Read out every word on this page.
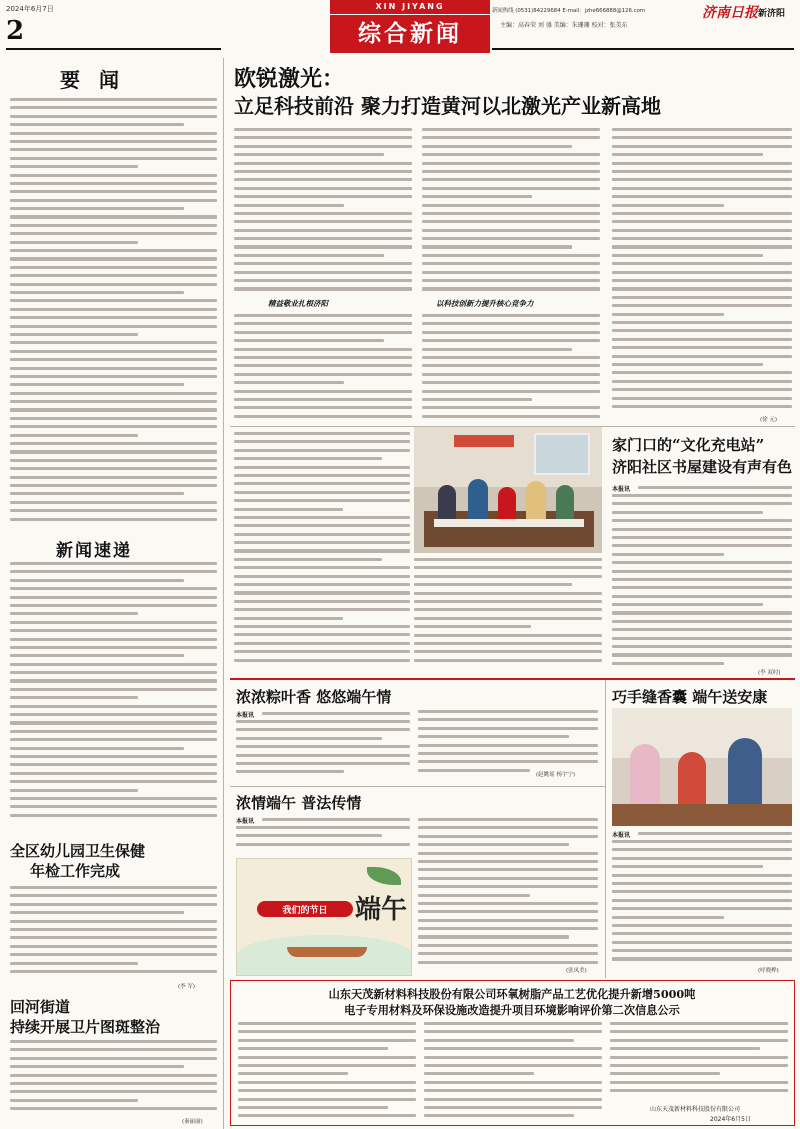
2024年6月7日
2
XIN JIYANG
综合新闻
新闻热线 (0531)84229684 E-mail：jzhe666888@126.com
主编：高春荣 刘 盛 美编：朱珊珊 校对：张美东
济南日报 新济阳
要 闻
新闻速递
全区幼儿园卫生保健
年检工作完成
(李 军)
回河街道
持续开展卫片图斑整治
(秦丽丽)
欧锐激光：
立足科技前沿 聚力打造黄河以北激光产业新高地
精益敬业扎根济阳	以科技创新力提升核心竞争力
(徐 元)
家门口的“文化充电站”
济阳社区书屋建设有声有色
本报讯
(李 双吋)
浓浓粽叶香 悠悠端午情
本报讯
(赵眺瑶 杨宇宁)
浓情端午 普法传情
本报讯
(张凤美)
我们的节日	端午
巧手缝香囊 端午送安康
本报讯
(呼晓桦)
山东天茂新材料科技股份有限公司环氧树脂产品工艺优化提升新增5000吨
电子专用材料及环保设施改造提升项目环境影响评价第二次信息公示
山东天茂新材料科技股份有限公司
2024年6月5日
